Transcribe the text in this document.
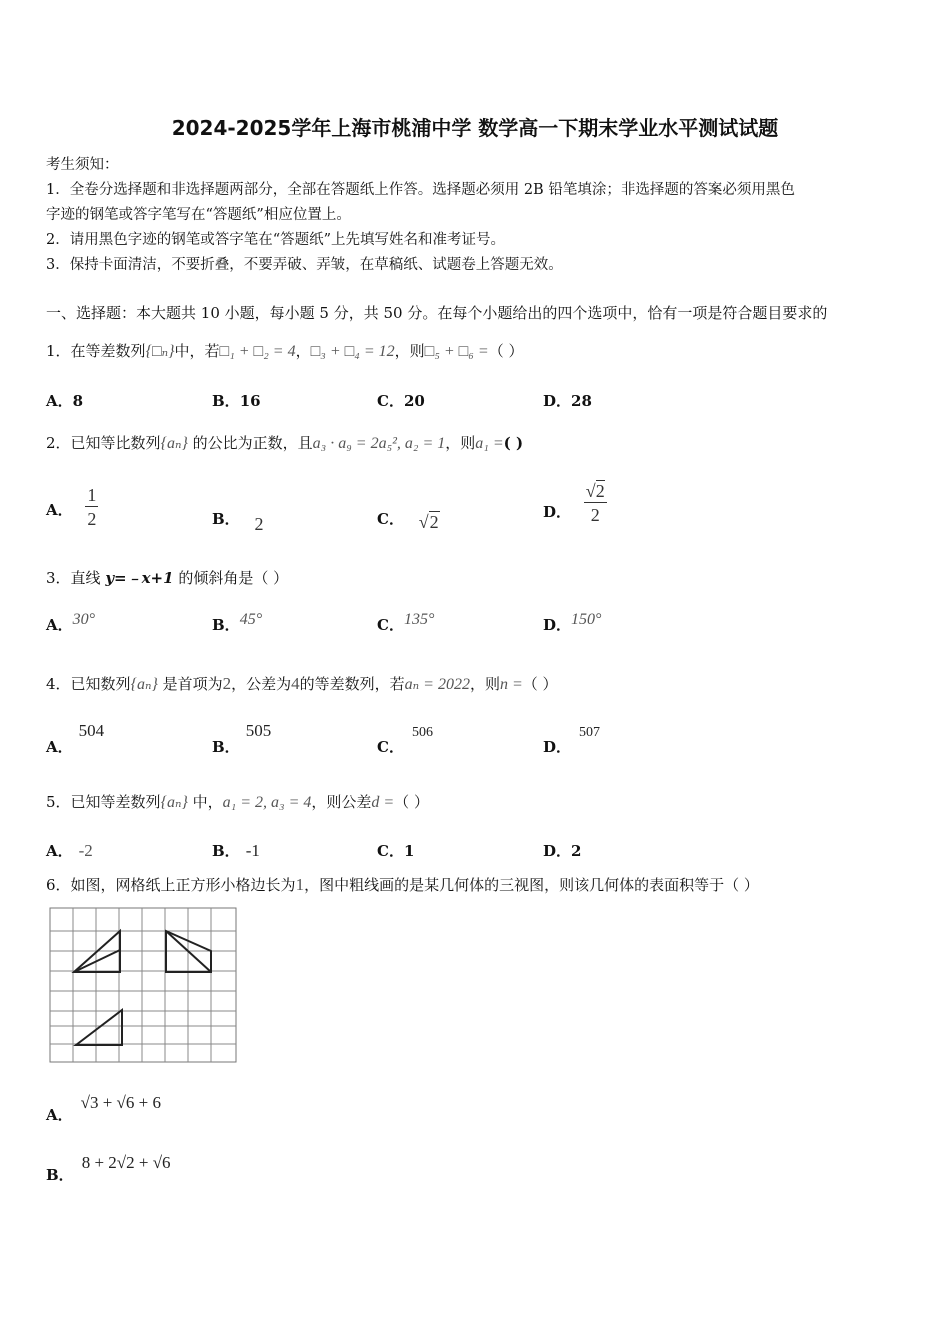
2024-2025学年上海市桃浦中学 数学高一下期末学业水平测试试题
考生须知：
1．全卷分选择题和非选择题两部分，全部在答题纸上作答。选择题必须用 2B 铅笔填涂；非选择题的答案必须用黑色
字迹的钢笔或答字笔写在“答题纸”相应位置上。
2．请用黑色字迹的钢笔或答字笔在“答题纸”上先填写姓名和准考证号。
3．保持卡面清洁，不要折叠，不要弄破、弄皱，在草稿纸、试题卷上答题无效。
一、选择题：本大题共 10 小题，每小题 5 分，共 50 分。在每个小题给出的四个选项中，恰有一项是符合题目要求的
1．在等差数列{□ₙ}中，若□₁ + □₂ = 4，□₃ + □₄ = 12，则□₅ + □₆ =（ ）
A．8	B．16	C．20	D．28
2．已知等比数列{aₙ} 的公比为正数，且a₃ · a₉ = 2a₅², a₂ = 1，则a₁ =( )
A． $\frac{1}{2}$	B． 2	C． √2	D． $\frac{√2}{2}$
3．直线 y=﹣x+1 的倾斜角是（ ）
A．30°	B．45°	C．135°	D．150°
4．已知数列{aₙ} 是首项为2，公差为4的等差数列，若aₙ = 2022，则n =（ ）
A．504
B．505
C．506
D．507
5．已知等差数列{aₙ} 中，a₁ = 2, a₃ = 4，则公差d =（ ）
A． -2	B． -1	C．1	D．2
6．如图，网格纸上正方形小格边长为1，图中粗线画的是某几何体的三视图，则该几何体的表面积等于（ ）
A．√3 + √6 + 6
B．8 + 2√2 + √6
